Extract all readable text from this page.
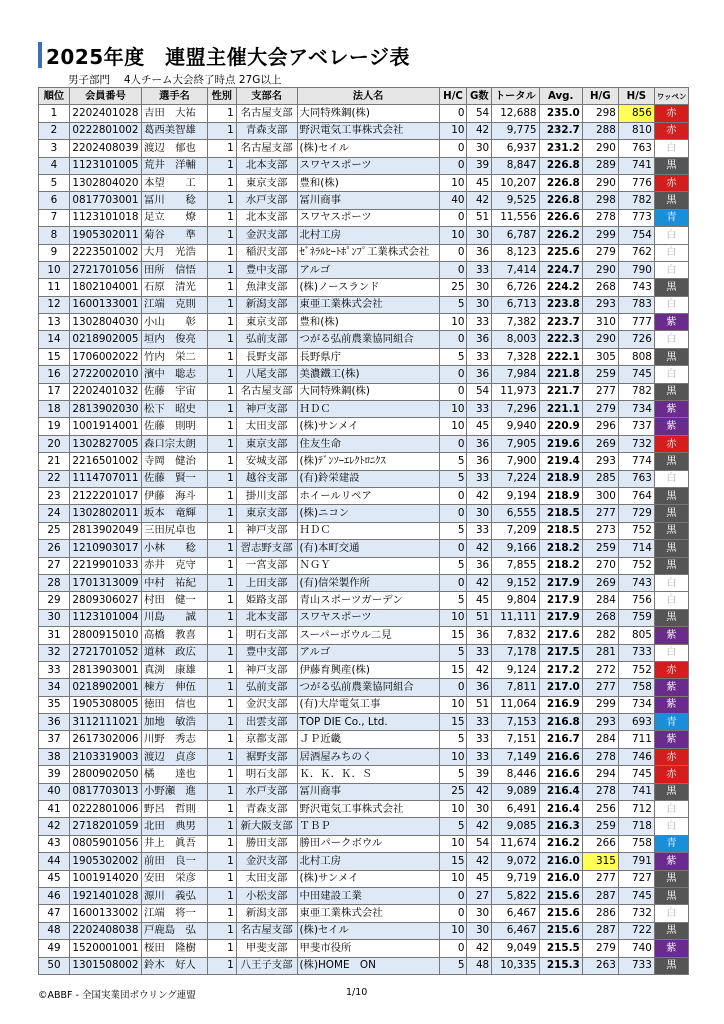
2025年度　連盟主催大会アベレージ表
男子部門　 4人チーム大会終了時点 27G以上
順位	会員番号	選手名	性別	支部名	法人名	H/C	G数	トータル	Avg.	H/G	H/S	ワッペン
1	2202401028	吉田　大祐	1	名古屋支部	大同特殊鋼(株)	0	54	12,688	235.0	298	856	赤
2	0222801002	葛西美智雄	1	青森支部	野沢電気工事株式会社	10	42	9,775	232.7	288	810	赤
3	2202408039	渡辺　郁也	1	名古屋支部	(株)セイル	0	30	6,937	231.2	290	763	白
4	1123101005	荒井　洋輔	1	北本支部	スワヤスポーツ	0	39	8,847	226.8	289	741	黒
5	1302804020	本望　　工	1	東京支部	豊和(株)	10	45	10,207	226.8	290	776	赤
6	0817703001	冨川　　稔	1	水戸支部	冨川商事	40	42	9,525	226.8	298	782	黒
7	1123101018	足立　　燎	1	北本支部	スワヤスポーツ	0	51	11,556	226.6	278	773	青
8	1905302011	菊谷　　準	1	金沢支部	北村工房	10	30	6,787	226.2	299	754	白
9	2223501002	大月　光浩	1	稲沢支部	ｾﾞﾈﾗﾙﾋｰﾄﾎﾟﾝﾌﾟ工業株式会社	0	36	8,123	225.6	279	762	白
10	2721701056	田所　信悟	1	豊中支部	アルゴ	0	33	7,414	224.7	290	790	白
11	1802104001	石原　清光	1	魚津支部	(株)ノースランド	25	30	6,726	224.2	268	743	黒
12	1600133001	江端　克則	1	新潟支部	東亜工業株式会社	5	30	6,713	223.8	293	783	白
13	1302804030	小山　　彰	1	東京支部	豊和(株)	10	33	7,382	223.7	310	777	紫
14	0218902005	垣内　俊亮	1	弘前支部	つがる弘前農業協同組合	0	36	8,003	222.3	290	726	白
15	1706002022	竹内　栄二	1	長野支部	長野県庁	5	33	7,328	222.1	305	808	黒
16	2722002010	濱中　聡志	1	八尾支部	美濃鐵工(株)	0	36	7,984	221.8	259	745	白
17	2202401032	佐藤　宇宙	1	名古屋支部	大同特殊鋼(株)	0	54	11,973	221.7	277	782	黒
18	2813902030	松下　昭史	1	神戸支部	ＨＤＣ	10	33	7,296	221.1	279	734	紫
19	1001914001	佐藤　則明	1	太田支部	(株)サンメイ	10	45	9,940	220.9	296	737	紫
20	1302827005	森口宗太朗	1	東京支部	住友生命	0	36	7,905	219.6	269	732	赤
21	2216501002	寺岡　健治	1	安城支部	(株)ﾃﾞﾝｿｰｴﾚｸﾄﾛﾆｸｽ	5	36	7,900	219.4	293	774	黒
22	1114707011	佐藤　賢一	1	越谷支部	(有)鈴栄建設	5	33	7,224	218.9	285	763	白
23	2122201017	伊藤　海斗	1	掛川支部	ホイールリペア	0	42	9,194	218.9	300	764	黒
24	1302802011	坂本　竜輝	1	東京支部	(株)ニコン	0	30	6,555	218.5	277	729	黒
25	2813902049	三田尻卓也	1	神戸支部	ＨＤＣ	5	33	7,209	218.5	273	752	黒
26	1210903017	小林　　稔	1	習志野支部	(有)本町交通	0	42	9,166	218.2	259	714	黒
27	2219901033	赤井　克守	1	一宮支部	ＮＧＹ	5	36	7,855	218.2	270	752	黒
28	1701313009	中村　祐紀	1	上田支部	(有)信栄製作所	0	42	9,152	217.9	269	743	白
29	2809306027	村田　健一	1	姫路支部	青山スポーツガーデン	5	45	9,804	217.9	284	756	白
30	1123101004	川島　　誠	1	北本支部	スワヤスポーツ	10	51	11,111	217.9	268	759	黒
31	2800915010	高橋　教喜	1	明石支部	スーパーボウル二見	15	36	7,832	217.6	282	805	紫
32	2721701052	道林　政広	1	豊中支部	アルゴ	5	33	7,178	217.5	281	733	白
33	2813903001	真渕　康雄	1	神戸支部	伊藤育興産(株)	15	42	9,124	217.2	272	752	赤
34	0218902001	棟方　伸伍	1	弘前支部	つがる弘前農業協同組合	0	36	7,811	217.0	277	758	紫
35	1905308005	徳田　信也	1	金沢支部	(有)大岸電気工事	10	51	11,064	216.9	299	734	紫
36	3112111021	加地　敏浩	1	出雲支部	TOP DIE Co., Ltd.	15	33	7,153	216.8	293	693	青
37	2617302006	川野　秀志	1	京都支部	ＪＰ近畿	5	33	7,151	216.7	284	711	紫
38	2103319003	渡辺　貞彦	1	裾野支部	居酒屋みちのく	10	33	7,149	216.6	278	746	赤
39	2800902050	橘　　達也	1	明石支部	Ｋ．Ｋ．Ｋ．Ｓ	5	39	8,446	216.6	294	745	赤
40	0817703013	小野瀬　進	1	水戸支部	冨川商事	25	42	9,089	216.4	278	741	黒
41	0222801006	野呂　哲則	1	青森支部	野沢電気工事株式会社	10	30	6,491	216.4	256	712	白
42	2718201059	北田　典男	1	新大阪支部	ＴＢＰ	5	42	9,085	216.3	259	718	白
43	0805901056	井上　眞吾	1	勝田支部	勝田パークボウル	10	54	11,674	216.2	266	758	青
44	1905302002	前田　良一	1	金沢支部	北村工房	15	42	9,072	216.0	315	791	紫
45	1001914020	安田　栄彦	1	太田支部	(株)サンメイ	10	45	9,719	216.0	277	727	黒
46	1921401028	源川　義弘	1	小松支部	中田建設工業	0	27	5,822	215.6	287	745	黒
47	1600133002	江端　将一	1	新潟支部	東亜工業株式会社	0	30	6,467	215.6	286	732	白
48	2202408038	戸鹿島　弘	1	名古屋支部	(株)セイル	10	30	6,467	215.6	287	722	黒
49	1520001001	桜田　隆樹	1	甲斐支部	甲斐市役所	0	42	9,049	215.5	279	740	紫
50	1301508002	鈴木　好人	1	八王子支部	(株)HOME　ON	5	48	10,335	215.3	263	733	黒
©ABBF - 全国実業団ボウリング連盟	1/10
